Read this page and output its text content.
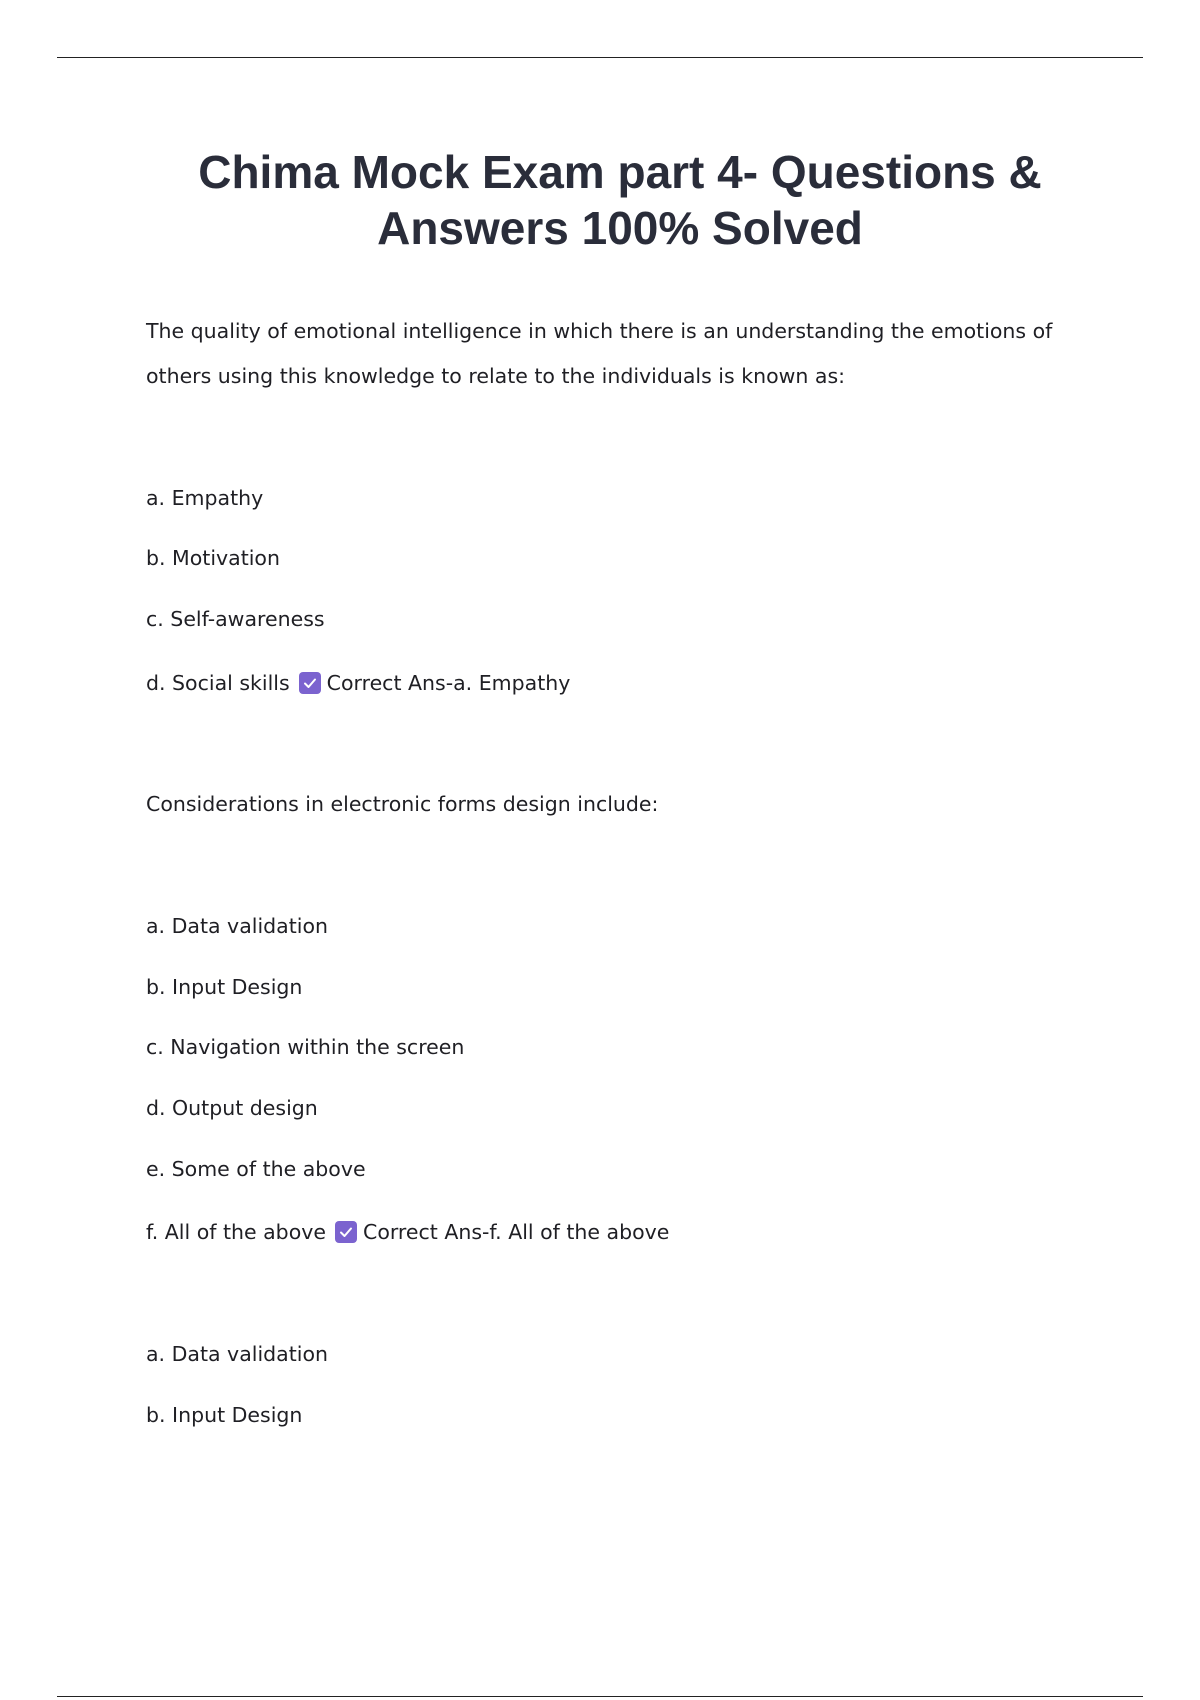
Chima Mock Exam part 4- Questions & Answers 100% Solved
The quality of emotional intelligence in which there is an understanding the emotions of others using this knowledge to relate to the individuals is known as:
a. Empathy
b. Motivation
c. Self-awareness
d. Social skills Correct Ans-a. Empathy
Considerations in electronic forms design include:
a. Data validation
b. Input Design
c. Navigation within the screen
d. Output design
e. Some of the above
f. All of the above Correct Ans-f. All of the above
a. Data validation
b. Input Design
